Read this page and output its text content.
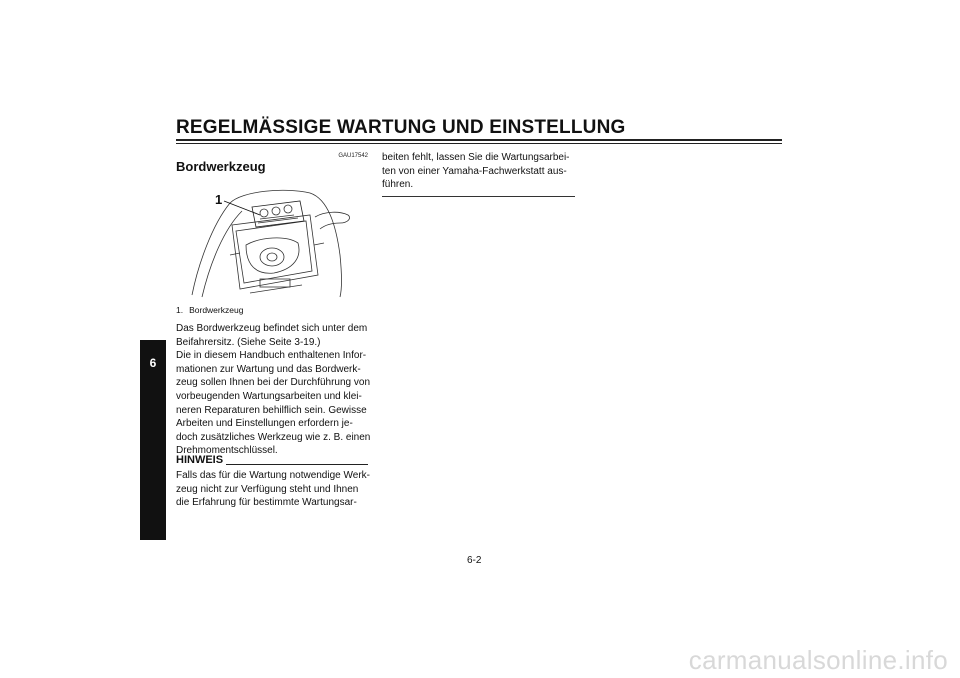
REGELMÄSSIGE WARTUNG UND EINSTELLUNG
6
GAU17542
Bordwerkzeug
1
1. Bordwerkzeug
Das Bordwerkzeug befindet sich unter dem
Beifahrersitz. (Siehe Seite 3-19.)
Die in diesem Handbuch enthaltenen Infor-
mationen zur Wartung und das Bordwerk-
zeug sollen Ihnen bei der Durchführung von
vorbeugenden Wartungsarbeiten und klei-
neren Reparaturen behilflich sein. Gewisse
Arbeiten und Einstellungen erfordern je-
doch zusätzliches Werkzeug wie z. B. einen
Drehmomentschlüssel.
HINWEIS
Falls das für die Wartung notwendige Werk-
zeug nicht zur Verfügung steht und Ihnen
die Erfahrung für bestimmte Wartungsar-
beiten fehlt, lassen Sie die Wartungsarbei-
ten von einer Yamaha-Fachwerkstatt aus-
führen.
6-2
carmanualsonline.info
